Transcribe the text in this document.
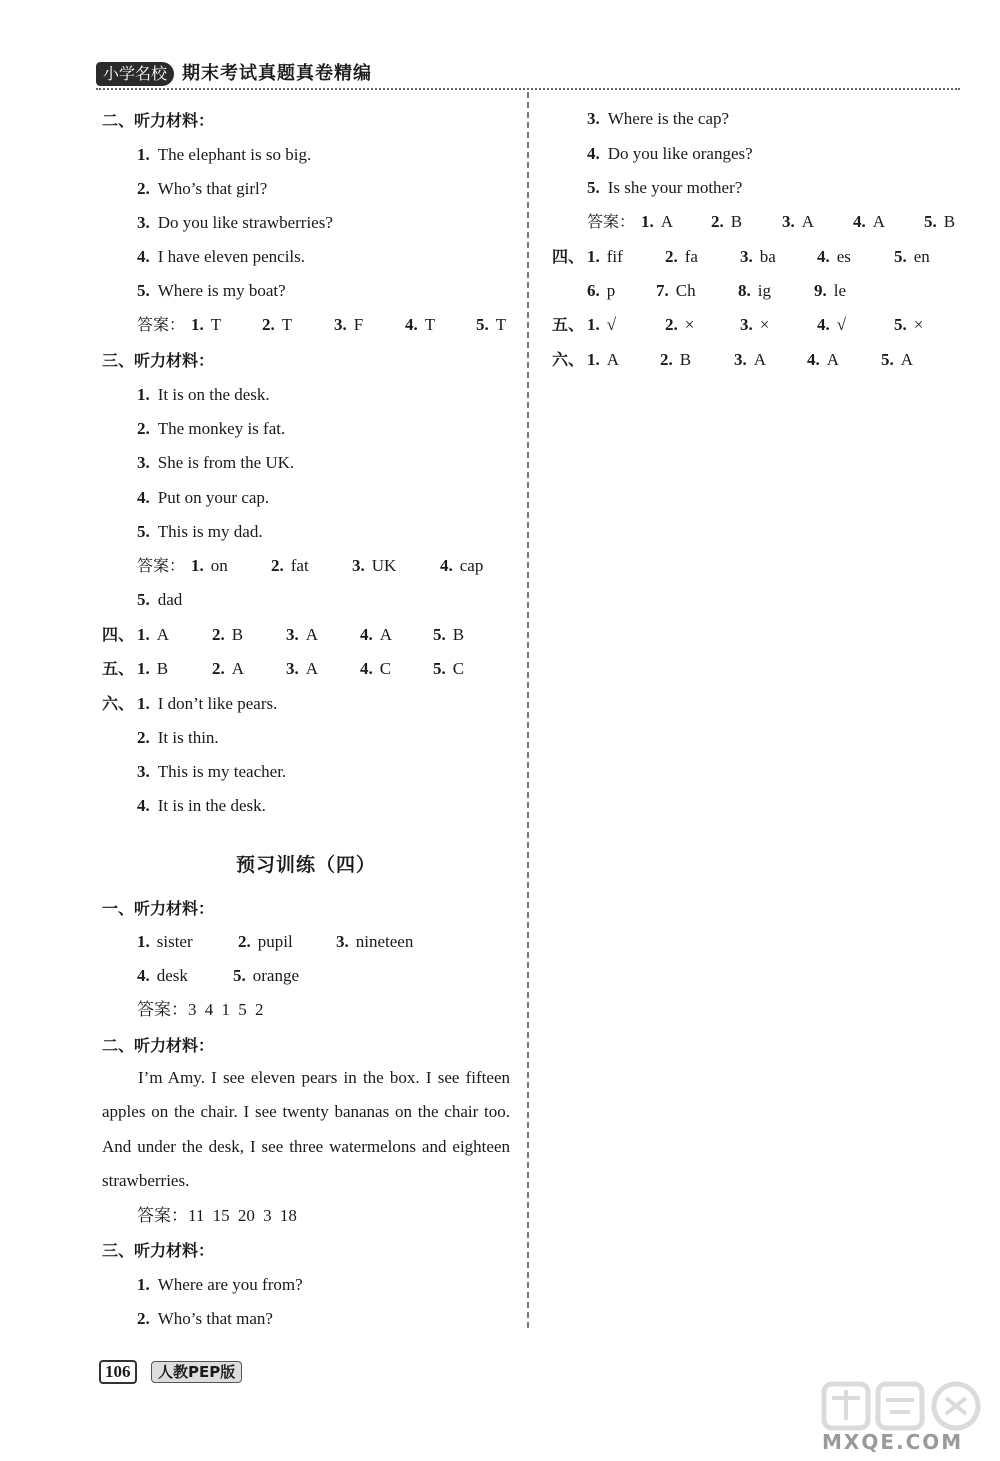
小学名校 期末考试真题真卷精编
二、听力材料：
1. The elephant is so big.
2. Who’s that girl?
3. Do you like strawberries?
4. I have eleven pencils.
5. Where is my boat?
答案： 1. T 2. T 3. F 4. T 5. T
三、听力材料：
1. It is on the desk.
2. The monkey is fat.
3. She is from the UK.
4. Put on your cap.
5. This is my dad.
答案： 1. on	2. fat	3. UK	4. cap
5. dad
四、 1. A	2. B	3. A 4. A 5. B
五、 1. B	2. A 3. A 4. C 5. C
六、 1. I don’t like pears.
2. It is thin.
3. This is my teacher.
4. It is in the desk.
预习训练（四）
一、听力材料：
1. sister	2. pupil	3. nineteen
4. desk	5. orange
答案：3 4 1 5 2
二、听力材料：
I’m Amy. I see eleven pears in the box. I see fifteen apples on the chair. I see twenty bananas on the chair too. And under the desk, I see three watermelons and eighteen strawberries.
答案：11 15 20 3 18
三、听力材料：
1. Where are you from?
2. Who’s that man?
3. Where is the cap?
4. Do you like oranges?
5. Is she your mother?
答案： 1. A 2. B 3. A 4. A 5. B
四、 1. fif 2. fa 3. ba 4. es	5. en
6. p 7. Ch 8. ig	9. le
五、 1. √	2. ×	3. ×	4. √	5. ×
六、 1. A 2. B	3. A 4. A 5. A
106	人教PEP版
MXQE.COM
